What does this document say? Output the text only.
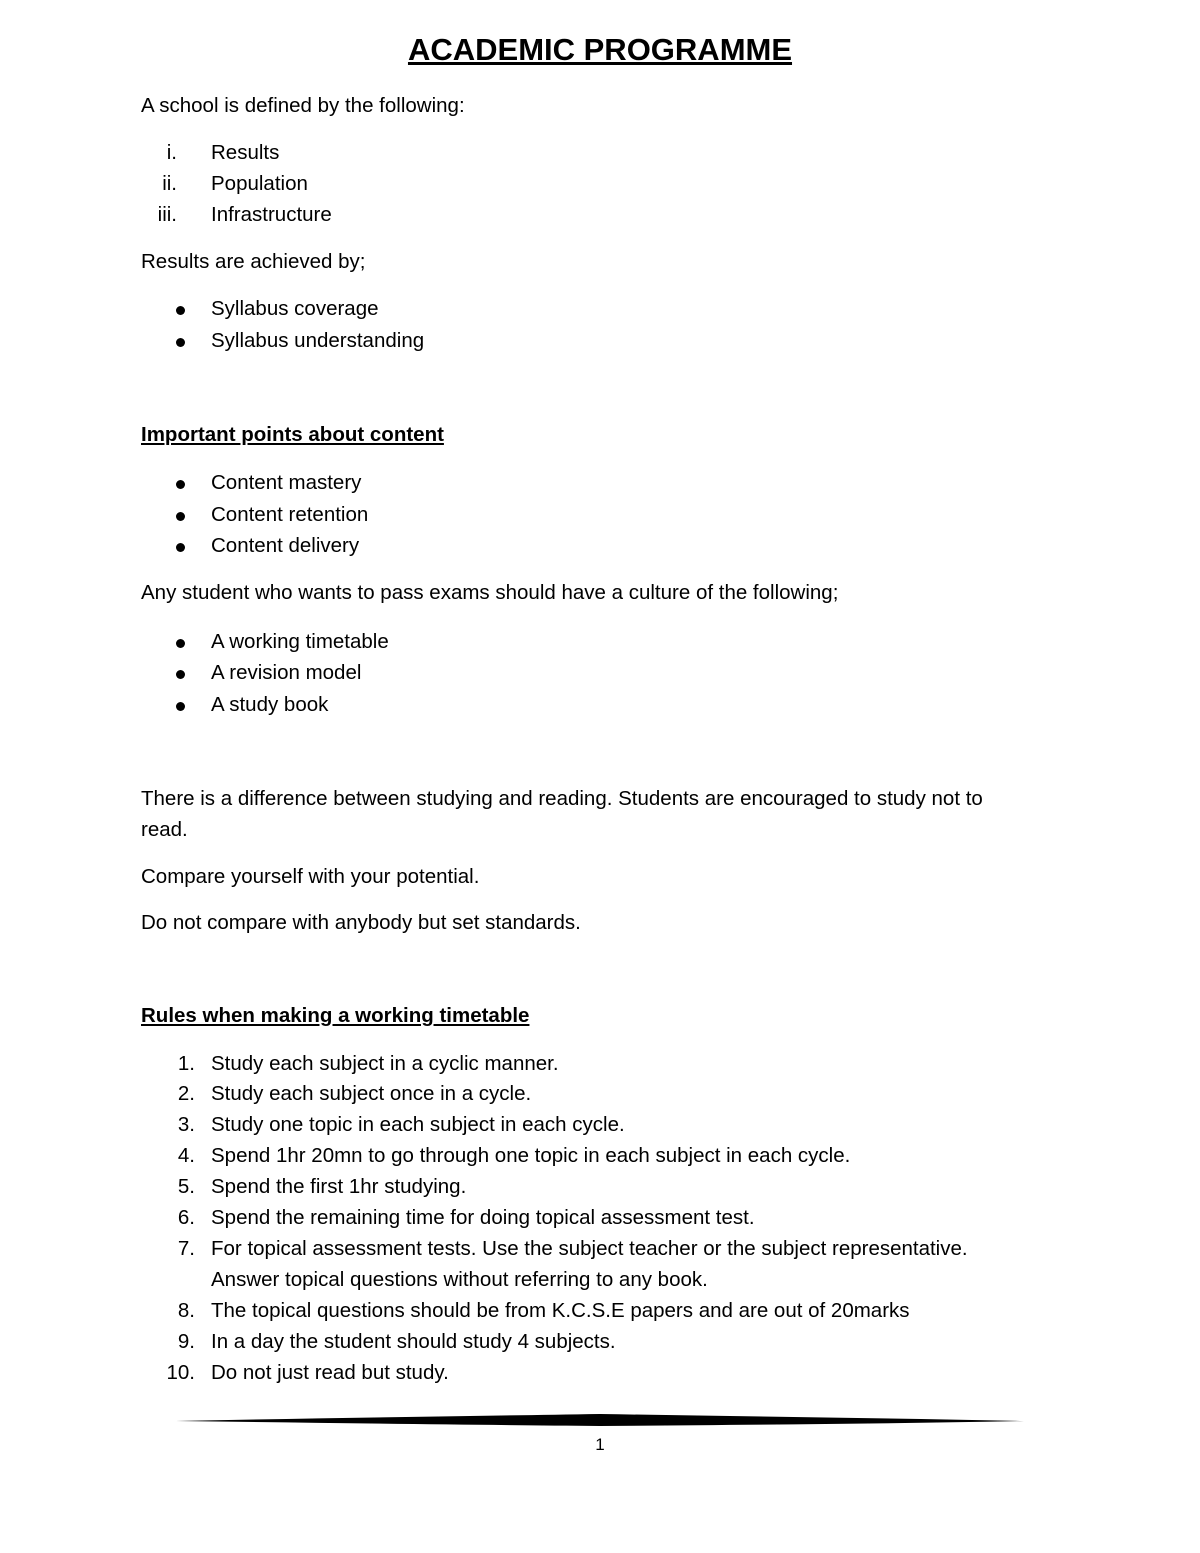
ACADEMIC PROGRAMME
A school is defined by the following:
i. Results
ii. Population
iii. Infrastructure
Results are achieved by;
Syllabus coverage
Syllabus understanding
Important points about content
Content mastery
Content retention
Content delivery
Any student who wants to pass exams should have a culture of the following;
A working timetable
A revision model
A study book
There is a difference between studying and reading. Students are encouraged to study not to
read.
Compare yourself with your potential.
Do not compare with anybody but set standards.
Rules when making a working timetable
1. Study each subject in a cyclic manner.
2. Study each subject once in a cycle.
3. Study one topic in each subject in each cycle.
4. Spend 1hr 20mn to go through one topic in each subject in each cycle.
5. Spend the first 1hr studying.
6. Spend the remaining time for doing topical assessment test.
7. For topical assessment tests. Use the subject teacher or the subject representative.
Answer topical questions without referring to any book.
8. The topical questions should be from K.C.S.E papers and are out of 20marks
9. In a day the student should study 4 subjects.
10. Do not just read but study.
1
